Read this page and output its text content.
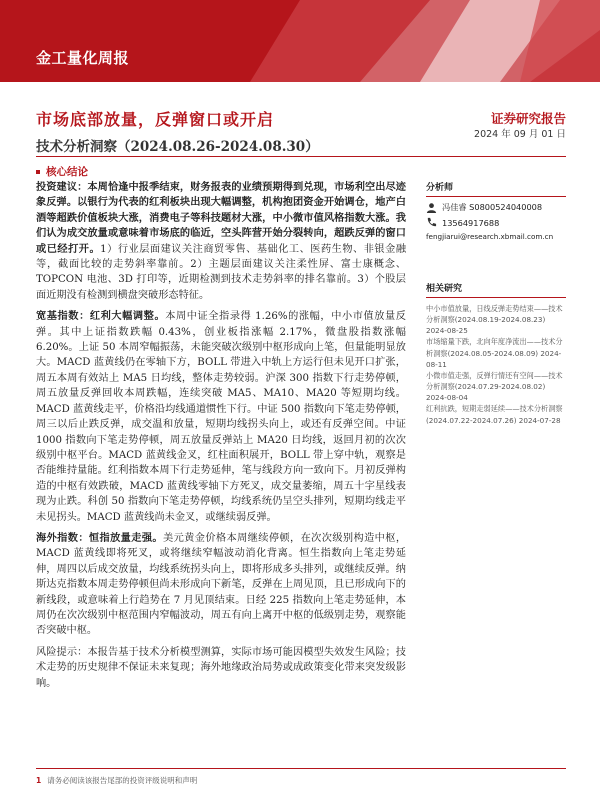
金工量化周报
市场底部放量，反弹窗口或开启
技术分析洞察（2024.08.26-2024.08.30）
证券研究报告
2024 年 09 月 01 日
核心结论

投资建议：本周恰逢中报季结束，财务报表的业绩预期得到兑现，市场利空出尽迹象反弹。以银行为代表的红利板块出现大幅调整，机构抱团资金开始调仓，地产白酒等超跌价值板块大涨，消费电子等科技题材大涨，中小微市值风格指数大涨。我们认为成交放量或意味着市场底的临近，空头阵营开始分裂转向，超跌反弹的窗口或已经打开。1）行业层面建议关注商贸零售、基础化工、医药生物、非银金融等，截面比较的走势斜率靠前。2）主题层面建议关注柔性屏、富士康概念、TOPCON 电池、3D 打印等，近期检测到技术走势斜率的排名靠前。3）个股层面近期没有检测到横盘突破形态特征。

宽基指数：红利大幅调整。本周中证全指录得 1.26%的涨幅，中小市值放量反弹。其中上证指数跌幅 0.43%，创业板指涨幅 2.17%，微盘股指数涨幅 6.20%。上证 50 本周窄幅振荡，未能突破次级别中枢形成向上笔，但量能明显放大。MACD 蓝黄线仍在零轴下方，BOLL 带进入中轨上方运行但未见开口扩张，周五本周有效站上 MA5 日均线，整体走势较弱。沪深 300 指数下行走势停顿，周五放量反弹回收本周跌幅，连续突破 MA5、MA10、MA20 等短期均线。MACD 蓝黄线走平，价格沿均线通道惯性下行。中证 500 指数向下笔走势停顿，周三以后止跌反弹，成交温和放量，短期均线拐头向上，或还有反弹空间。中证 1000 指数向下笔走势停顿，周五放量反弹站上 MA20 日均线，返回月初的次次级别中枢平台。MACD 蓝黄线金叉，红柱面积展开，BOLL 带上穿中轨，观察是否能维持量能。红利指数本周下行走势延伸，笔与线段方向一致向下。月初反弹构造的中枢有效跌破，MACD 蓝黄线零轴下方死叉，成交量萎缩，周五十字星线表现为止跌。科创 50 指数向下笔走势停顿，均线系统仍呈空头排列，短期均线走平未见拐头。MACD 蓝黄线尚未金叉，或继续弱反弹。

海外指数：恒指放量走强。美元黄金价格本周继续停顿，在次次级别构造中枢，MACD 蓝黄线即将死叉，或将继续窄幅波动消化背离。恒生指数向上笔走势延伸，周四以后成交放量，均线系统拐头向上，即将形成多头排列，或继续反弹。纳斯达克指数本周走势停顿但尚未形成向下新笔，反弹在上周见顶，且已形成向下的新线段，或意味着上行趋势在 7 月见顶结束。日经 225 指数向上笔走势延伸，本周仍在次次级别中枢范围内窄幅波动，周五有向上离开中枢的低级别走势，观察能否突破中枢。

风险提示：本报告基于技术分析模型测算，实际市场可能因模型失效发生风险；技术走势的历史规律不保证未来复现；海外地缘政治局势或成政策变化带来突发级影响。

分析师
冯佳睿 S0800524040008
13564917688
fengjiarui@research.xbmail.com.cn
相关研究
中小市值放量，日线反弹走势结束——技术分析洞察(2024.08.19-2024.08.23) 2024-08-25
市场缩量下跌，北向年度净流出——技术分析洞察(2024.08.05-2024.08.09) 2024-08-11
小微市值走强，反弹行情还有空间——技术分析洞察(2024.07.29-2024.08.02) 2024-08-04
红利抗跌，短期走弱延续——技术分析洞察(2024.07.22-2024.07.26) 2024-07-28
1 请务必阅读该报告尾部的投资评级说明和声明
